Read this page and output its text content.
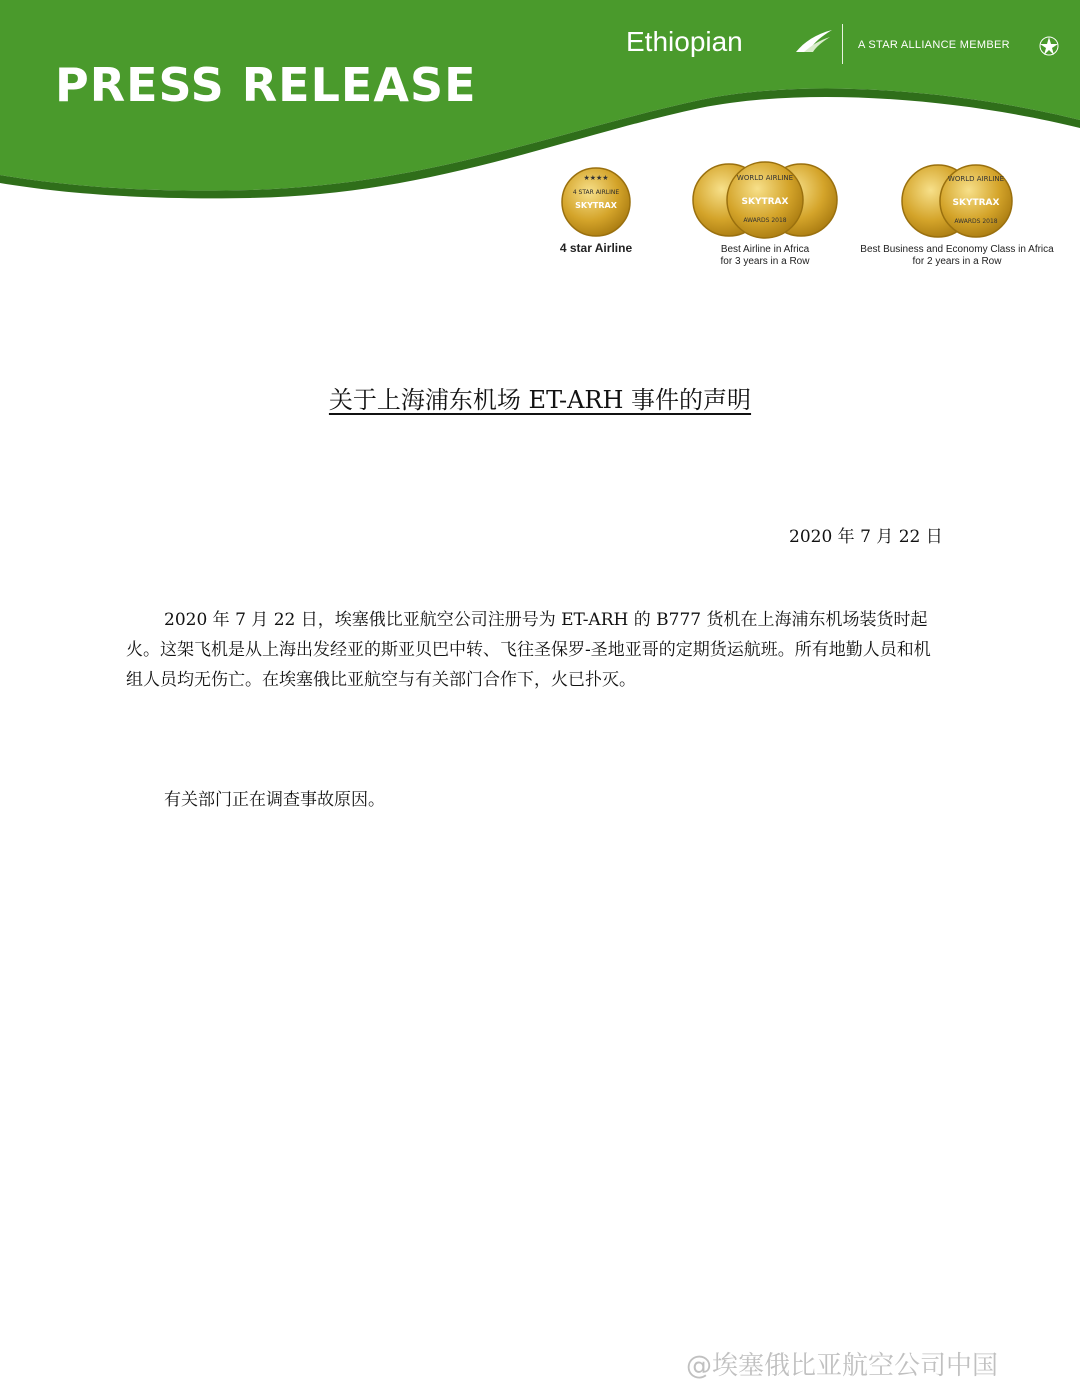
PRESS RELEASE
Ethiopian	A STAR ALLIANCE MEMBER
★★★★
4 STAR AIRLINE
SKYTRAX
4 star Airline
WORLD AIRLINE
SKYTRAX
AWARDS 2018
Best Airline in Africa
for 3 years in a Row
WORLD AIRLINE
SKYTRAX
AWARDS 2018
Best Business and Economy Class in Africa
for 2 years in a Row
关于上海浦东机场 ET-ARH 事件的声明
2020 年 7 月 22 日

2020 年 7 月 22 日，埃塞俄比亚航空公司注册号为 ET-ARH 的 B777 货机在上海浦东机场装货时起火。这架飞机是从上海出发经亚的斯亚贝巴中转、飞往圣保罗-圣地亚哥的定期货运航班。所有地勤人员和机组人员均无伤亡。在埃塞俄比亚航空与有关部门合作下，火已扑灭。

有关部门正在调查事故原因。

@埃塞俄比亚航空公司中国
